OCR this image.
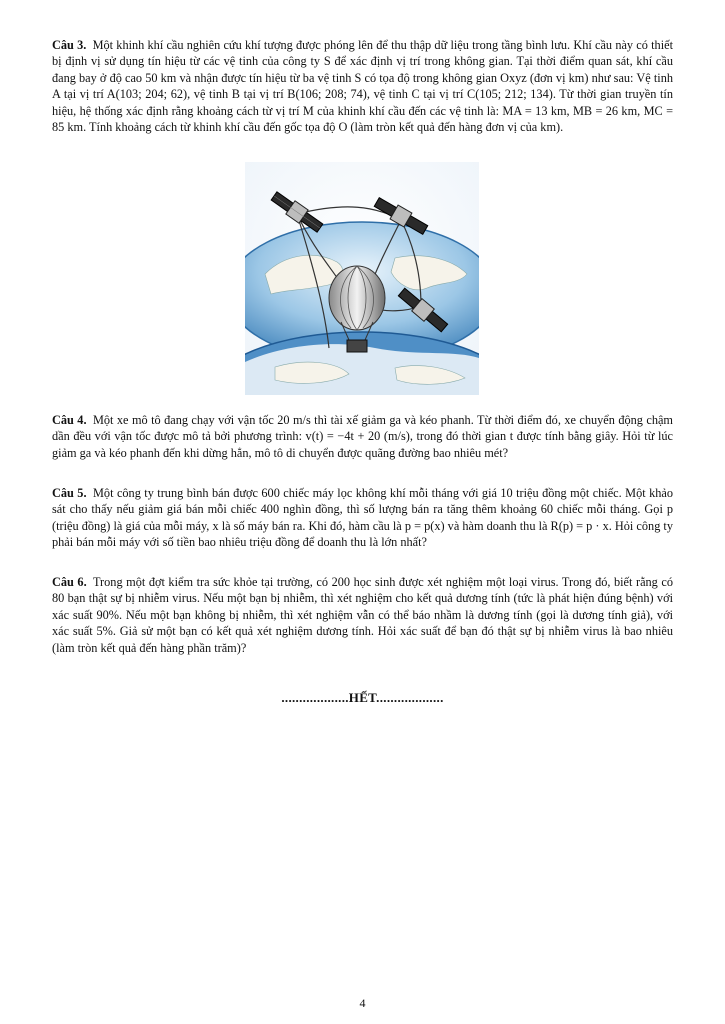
Câu 3. Một khinh khí cầu nghiên cứu khí tượng được phóng lên để thu thập dữ liệu trong tầng bình lưu. Khí cầu này có thiết bị định vị sử dụng tín hiệu từ các vệ tinh của công ty S để xác định vị trí trong không gian. Tại thời điểm quan sát, khí cầu đang bay ở độ cao 50 km và nhận được tín hiệu từ ba vệ tinh S có tọa độ trong không gian Oxyz (đơn vị km) như sau: Vệ tinh A tại vị trí A(103; 204; 62), vệ tinh B tại vị trí B(106; 208; 74), vệ tinh C tại vị trí C(105; 212; 134). Từ thời gian truyền tín hiệu, hệ thống xác định rằng khoảng cách từ vị trí M của khinh khí cầu đến các vệ tinh là: MA = 13 km, MB = 26 km, MC = 85 km. Tính khoảng cách từ khinh khí cầu đến gốc tọa độ O (làm tròn kết quả đến hàng đơn vị của km).
Câu 4. Một xe mô tô đang chạy với vận tốc 20 m/s thì tài xế giảm ga và kéo phanh. Từ thời điểm đó, xe chuyển động chậm dần đều với vận tốc được mô tả bởi phương trình: v(t) = −4t + 20 (m/s), trong đó thời gian t được tính bằng giây. Hỏi từ lúc giảm ga và kéo phanh đến khi dừng hẳn, mô tô di chuyển được quãng đường bao nhiêu mét?
Câu 5. Một công ty trung bình bán được 600 chiếc máy lọc không khí mỗi tháng với giá 10 triệu đồng một chiếc. Một khảo sát cho thấy nếu giảm giá bán mỗi chiếc 400 nghìn đồng, thì số lượng bán ra tăng thêm khoảng 60 chiếc mỗi tháng. Gọi p (triệu đồng) là giá của mỗi máy, x là số máy bán ra. Khi đó, hàm cầu là p = p(x) và hàm doanh thu là R(p) = p · x. Hỏi công ty phải bán mỗi máy với số tiền bao nhiêu triệu đồng để doanh thu là lớn nhất?
Câu 6. Trong một đợt kiểm tra sức khỏe tại trường, có 200 học sinh được xét nghiệm một loại virus. Trong đó, biết rằng có 80 bạn thật sự bị nhiễm virus. Nếu một bạn bị nhiễm, thì xét nghiệm cho kết quả dương tính (tức là phát hiện đúng bệnh) với xác suất 90%. Nếu một bạn không bị nhiễm, thì xét nghiệm vẫn có thể báo nhầm là dương tính (gọi là dương tính giả), với xác suất 5%. Giả sử một bạn có kết quả xét nghiệm dương tính. Hỏi xác suất để bạn đó thật sự bị nhiễm virus là bao nhiêu (làm tròn kết quả đến hàng phần trăm)?
...................HẾT...................
4
